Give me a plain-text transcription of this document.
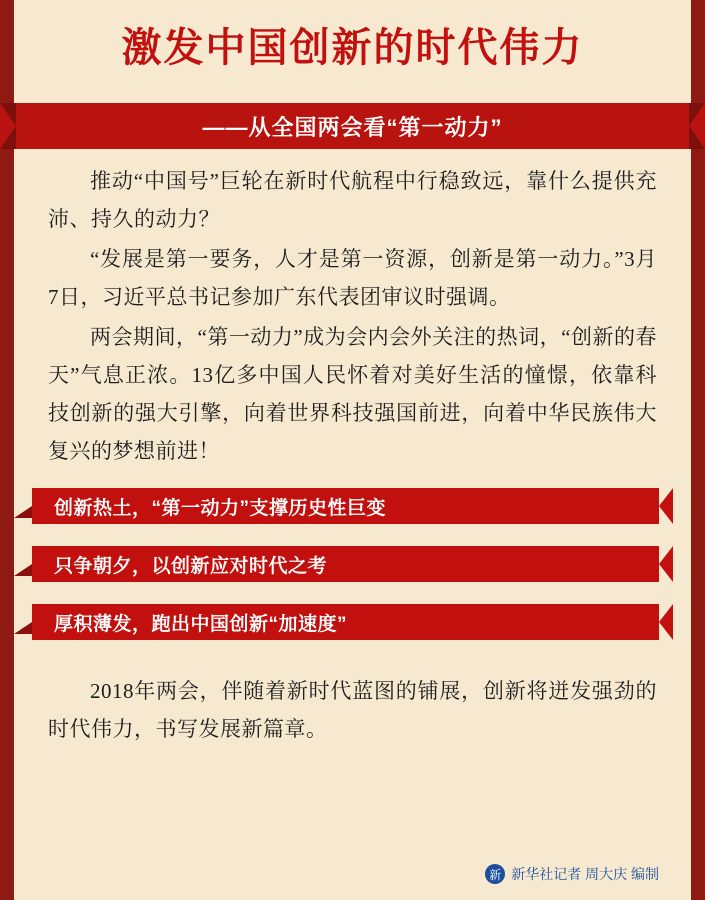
激发中国创新的时代伟力
——从全国两会看“第一动力”

推动“中国号”巨轮在新时代航程中行稳致远，靠什么提供充沛、持久的动力？

“发展是第一要务，人才是第一资源，创新是第一动力。”3月7日，习近平总书记参加广东代表团审议时强调。

两会期间，“第一动力”成为会内会外关注的热词，“创新的春天”气息正浓。13亿多中国人民怀着对美好生活的憧憬，依靠科技创新的强大引擎，向着世界科技强国前进，向着中华民族伟大复兴的梦想前进！

创新热土，“第一动力”支撑历史性巨变
只争朝夕，以创新应对时代之考
厚积薄发，跑出中国创新“加速度”

2018年两会，伴随着新时代蓝图的铺展，创新将迸发强劲的时代伟力，书写发展新篇章。

新 新华社记者 周大庆 编制
